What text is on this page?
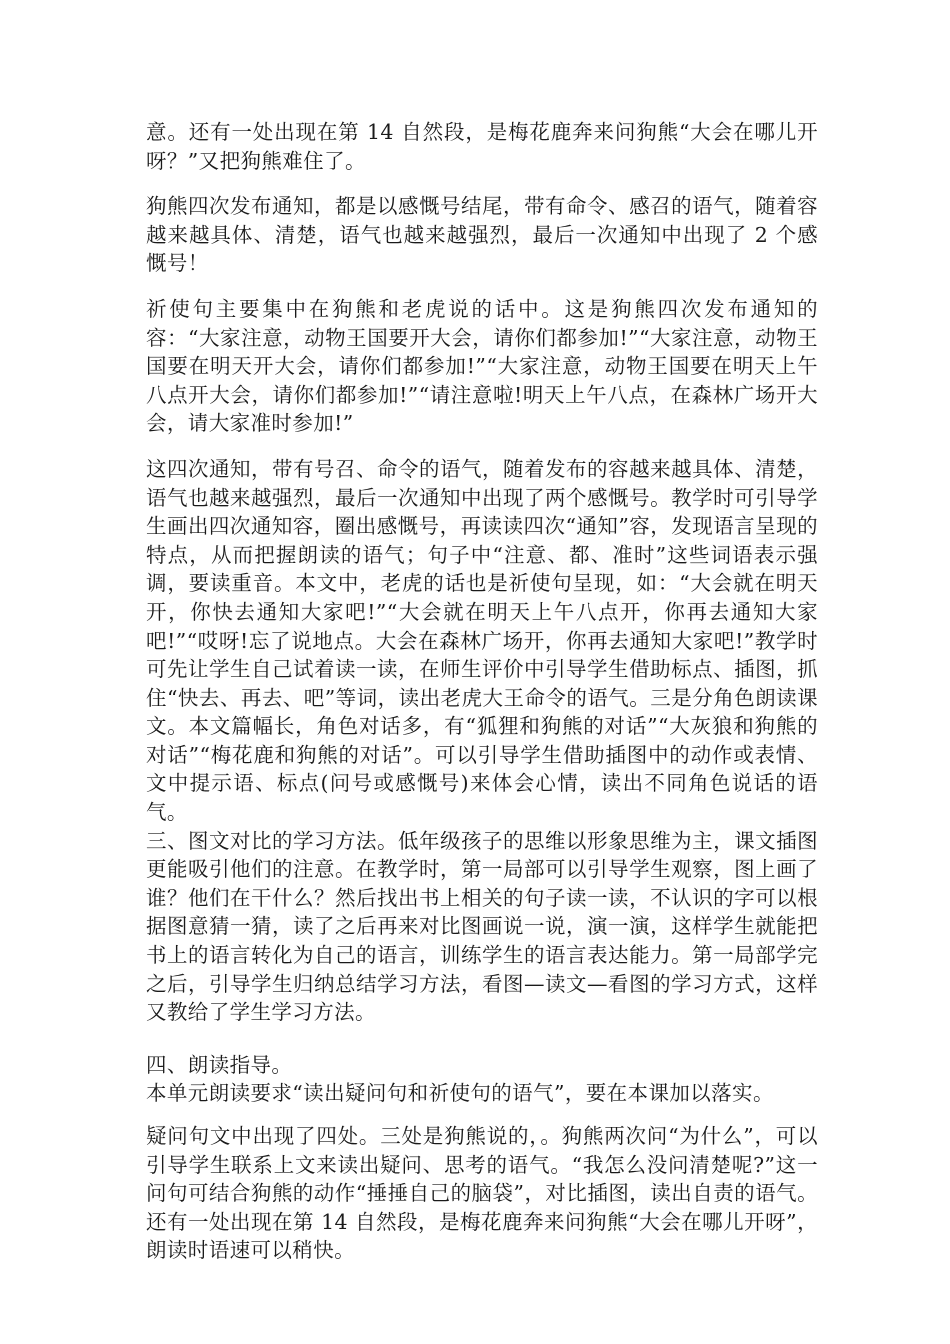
意。还有一处出现在第 14 自然段，是梅花鹿奔来问狗熊“大会在哪儿开呀？”又把狗熊难住了。

狗熊四次发布通知，都是以感慨号结尾，带有命令、感召的语气，随着容越来越具体、清楚，语气也越来越强烈，最后一次通知中出现了 2 个感慨号！

祈使句主要集中在狗熊和老虎说的话中。这是狗熊四次发布通知的容：“大家注意，动物王国要开大会，请你们都参加!”“大家注意，动物王国要在明天开大会，请你们都参加!”“大家注意，动物王国要在明天上午八点开大会，请你们都参加!”“请注意啦!明天上午八点，在森林广场开大会，请大家准时参加!”

这四次通知，带有号召、命令的语气，随着发布的容越来越具体、清楚，语气也越来越强烈，最后一次通知中出现了两个感慨号。教学时可引导学生画出四次通知容，圈出感慨号，再读读四次“通知”容，发现语言呈现的特点，从而把握朗读的语气；句子中“注意、都、准时”这些词语表示强调，要读重音。本文中，老虎的话也是祈使句呈现，如：“大会就在明天开，你快去通知大家吧!”“大会就在明天上午八点开，你再去通知大家吧!”“哎呀!忘了说地点。大会在森林广场开，你再去通知大家吧!”教学时可先让学生自己试着读一读，在师生评价中引导学生借助标点、插图，抓住“快去、再去、吧”等词，读出老虎大王命令的语气。三是分角色朗读课文。本文篇幅长，角色对话多，有“狐狸和狗熊的对话”“大灰狼和狗熊的对话”“梅花鹿和狗熊的对话”。可以引导学生借助插图中的动作或表情、文中提示语、标点(问号或感慨号)来体会心情，读出不同角色说话的语气。

三、图文对比的学习方法。低年级孩子的思维以形象思维为主，课文插图更能吸引他们的注意。在教学时，第一局部可以引导学生观察，图上画了谁？他们在干什么？然后找出书上相关的句子读一读，不认识的字可以根据图意猜一猜，读了之后再来对比图画说一说，演一演，这样学生就能把书上的语言转化为自己的语言，训练学生的语言表达能力。第一局部学完之后，引导学生归纳总结学习方法，看图—读文—看图的学习方式，这样又教给了学生学习方法。

四、朗读指导。

本单元朗读要求“读出疑问句和祈使句的语气”，要在本课加以落实。

疑问句文中出现了四处。三处是狗熊说的，。狗熊两次问“为什么”，可以引导学生联系上文来读出疑问、思考的语气。“我怎么没问清楚呢?”这一问句可结合狗熊的动作“捶捶自己的脑袋”，对比插图，读出自责的语气。还有一处出现在第 14 自然段，是梅花鹿奔来问狗熊“大会在哪儿开呀”，朗读时语速可以稍快。
